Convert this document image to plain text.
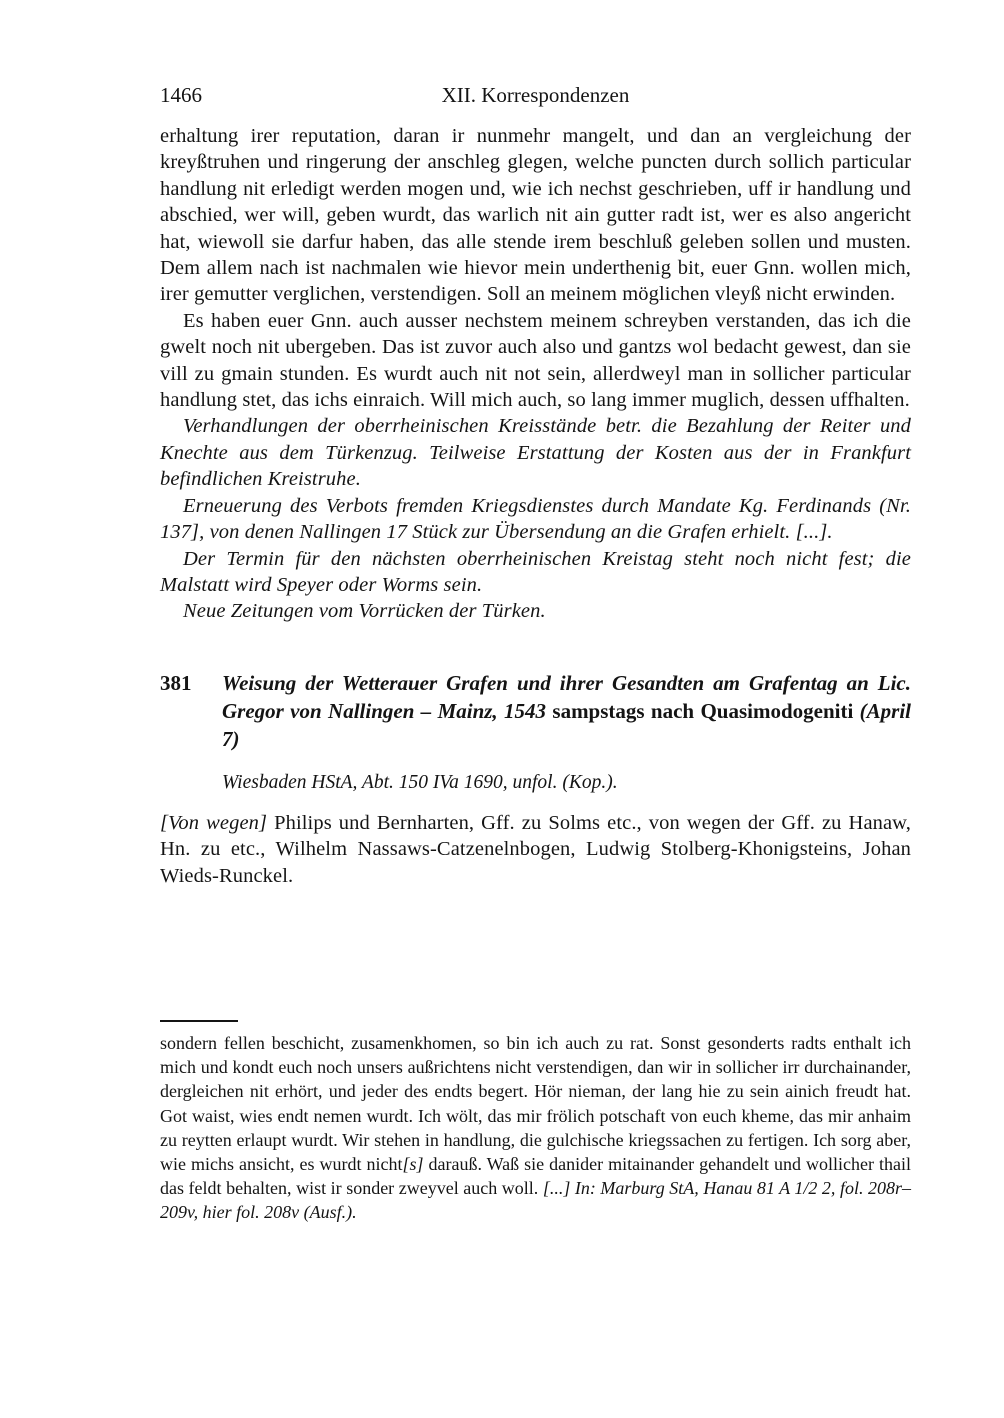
1466	XII. Korrespondenzen

erhaltung irer reputation, daran ir nunmehr mangelt, und dan an vergleichung der kreyßtruhen und ringerung der anschleg glegen, welche puncten durch sollich particular handlung nit erledigt werden mogen und, wie ich nechst geschrieben, uff ir handlung und abschied, wer will, geben wurdt, das warlich nit ain gutter radt ist, wer es also angericht hat, wiewoll sie darfur haben, das alle stende irem beschluß geleben sollen und musten. Dem allem nach ist nachmalen wie hievor mein underthenig bit, euer Gnn. wollen mich, irer gemutter verglichen, verstendigen. Soll an meinem möglichen vleyß nicht erwinden.

Es haben euer Gnn. auch ausser nechstem meinem schreyben verstanden, das ich die gwelt noch nit ubergeben. Das ist zuvor auch also und gantzs wol bedacht gewest, dan sie vill zu gmain stunden. Es wurdt auch nit not sein, allerdweyl man in sollicher particular handlung stet, das ichs einraich. Will mich auch, so lang immer muglich, dessen uffhalten.

Verhandlungen der oberrheinischen Kreisstände betr. die Bezahlung der Reiter und Knechte aus dem Türkenzug. Teilweise Erstattung der Kosten aus der in Frankfurt befindlichen Kreistruhe.

Erneuerung des Verbots fremden Kriegsdienstes durch Mandate Kg. Ferdinands (Nr. 137], von denen Nallingen 17 Stück zur Übersendung an die Grafen erhielt. [...].

Der Termin für den nächsten oberrheinischen Kreistag steht noch nicht fest; die Malstatt wird Speyer oder Worms sein.

Neue Zeitungen vom Vorrücken der Türken.

381	Weisung der Wetterauer Grafen und ihrer Gesandten am Grafentag an Lic. Gregor von Nallingen – Mainz, 1543 sampstags nach Quasimodogeniti (April 7)

Wiesbaden HStA, Abt. 150 IVa 1690, unfol. (Kop.).

[Von wegen] Philips und Bernharten, Gff. zu Solms etc., von wegen der Gff. zu Hanaw, Hn. zu etc., Wilhelm Nassaws-Catzenelnbogen, Ludwig Stolberg-Khonigsteins, Johan Wieds-Runckel.

sondern fellen beschicht, zusamenkhomen, so bin ich auch zu rat. Sonst gesonderts radts enthalt ich mich und kondt euch noch unsers außrichtens nicht verstendigen, dan wir in sollicher irr durchainander, dergleichen nit erhört, und jeder des endts begert. Hör nieman, der lang hie zu sein ainich freudt hat. Got waist, wies endt nemen wurdt. Ich wölt, das mir frölich potschaft von euch kheme, das mir anhaim zu reytten erlaupt wurdt. Wir stehen in handlung, die gulchische kriegssachen zu fertigen. Ich sorg aber, wie michs ansicht, es wurdt nicht[s] darauß. Waß sie danider mitainander gehandelt und wollicher thail das feldt behalten, wist ir sonder zweyvel auch woll. [...] In: Marburg StA, Hanau 81 A 1/2 2, fol. 208r–209v, hier fol. 208v (Ausf.).
